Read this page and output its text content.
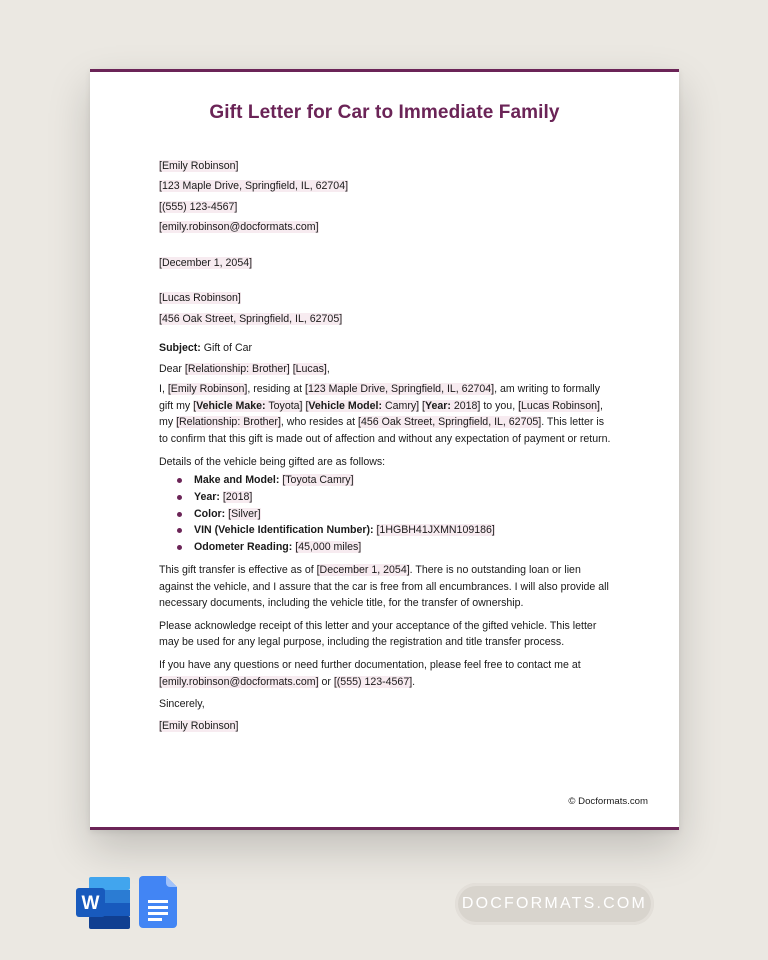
Gift Letter for Car to Immediate Family

[Emily Robinson]

[123 Maple Drive, Springfield, IL, 62704]

[(555) 123-4567]

[emily.robinson@docformats.com]

[December 1, 2054]

[Lucas Robinson]

[456 Oak Street, Springfield, IL, 62705]

Subject: Gift of Car

Dear [Relationship: Brother] [Lucas],

I, [Emily Robinson], residing at [123 Maple Drive, Springfield, IL, 62704], am writing to formally gift my [Vehicle Make: Toyota] [Vehicle Model: Camry] [Year: 2018] to you, [Lucas Robinson], my [Relationship: Brother], who resides at [456 Oak Street, Springfield, IL, 62705]. This letter is to confirm that this gift is made out of affection and without any expectation of payment or return.

Details of the vehicle being gifted are as follows:

Make and Model: [Toyota Camry]
Year: [2018]
Color: [Silver]
VIN (Vehicle Identification Number): [1HGBH41JXMN109186]
Odometer Reading: [45,000 miles]

This gift transfer is effective as of [December 1, 2054]. There is no outstanding loan or lien against the vehicle, and I assure that the car is free from all encumbrances. I will also provide all necessary documents, including the vehicle title, for the transfer of ownership.

Please acknowledge receipt of this letter and your acceptance of the gifted vehicle. This letter may be used for any legal purpose, including the registration and title transfer process.

If you have any questions or need further documentation, please feel free to contact me at [emily.robinson@docformats.com] or [(555) 123-4567].

Sincerely,

[Emily Robinson]

© Docformats.com
W	DOCFORMATS.COM
